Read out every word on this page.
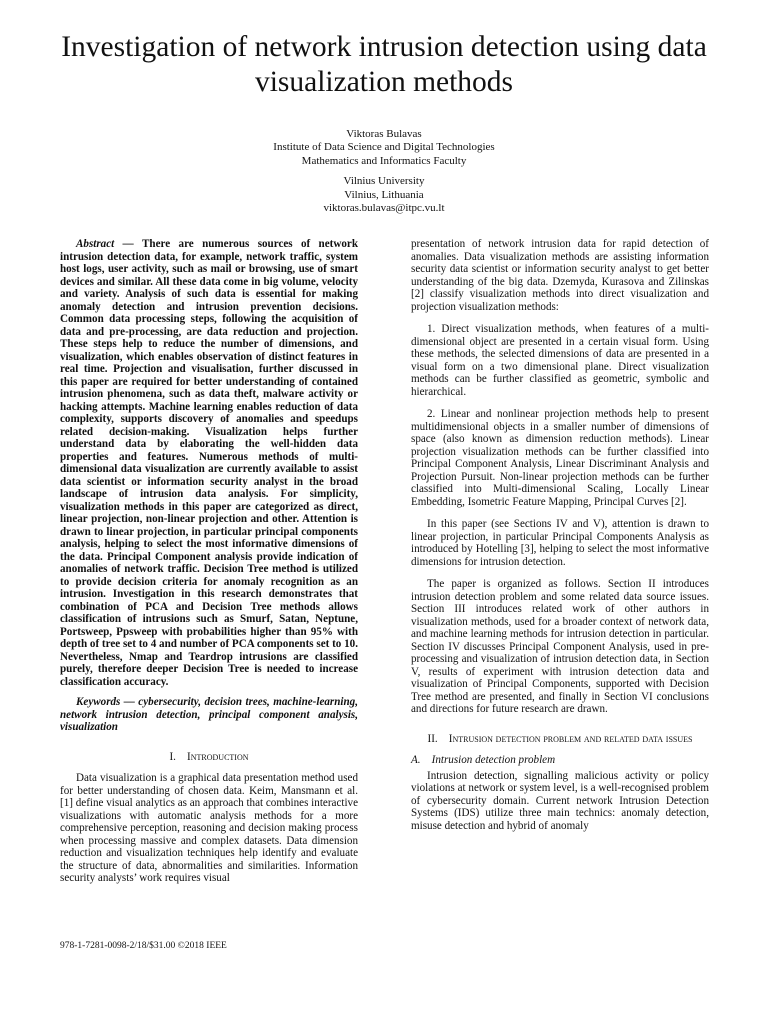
Investigation of network intrusion detection using data visualization methods
Viktoras Bulavas
Institute of Data Science and Digital Technologies
Mathematics and Informatics Faculty
Vilnius University
Vilnius, Lithuania
viktoras.bulavas@itpc.vu.lt

Abstract — There are numerous sources of network intrusion detection data, for example, network traffic, system host logs, user activity, such as mail or browsing, use of smart devices and similar. All these data come in big volume, velocity and variety. Analysis of such data is essential for making anomaly detection and intrusion prevention decisions. Common data processing steps, following the acquisition of data and pre-processing, are data reduction and projection. These steps help to reduce the number of dimensions, and visualization, which enables observation of distinct features in real time. Projection and visualisation, further discussed in this paper are required for better understanding of contained intrusion phenomena, such as data theft, malware activity or hacking attempts. Machine learning enables reduction of data complexity, supports discovery of anomalies and speedups related decision-making. Visualization helps further understand data by elaborating the well-hidden data properties and features. Numerous methods of multi-dimensional data visualization are currently available to assist data scientist or information security analyst in the broad landscape of intrusion data analysis. For simplicity, visualization methods in this paper are categorized as direct, linear projection, non-linear projection and other. Attention is drawn to linear projection, in particular principal components analysis, helping to select the most informative dimensions of the data. Principal Component analysis provide indication of anomalies of network traffic. Decision Tree method is utilized to provide decision criteria for anomaly recognition as an intrusion. Investigation in this research demonstrates that combination of PCA and Decision Tree methods allows classification of intrusions such as Smurf, Satan, Neptune, Portsweep, Ppsweep with probabilities higher than 95% with depth of tree set to 4 and number of PCA components set to 10. Nevertheless, Nmap and Teardrop intrusions are classified purely, therefore deeper Decision Tree is needed to increase classification accuracy.

Keywords — cybersecurity, decision trees, machine-learning, network intrusion detection, principal component analysis, visualization

I. Introduction

Data visualization is a graphical data presentation method used for better understanding of chosen data. Keim, Mansmann et al. [1] define visual analytics as an approach that combines interactive visualizations with automatic analysis methods for a more comprehensive perception, reasoning and decision making process when processing massive and complex datasets. Data dimension reduction and visualization techniques help identify and evaluate the structure of data, abnormalities and similarities. Information security analysts’ work requires visual

presentation of network intrusion data for rapid detection of anomalies. Data visualization methods are assisting information security data scientist or information security analyst to get better understanding of the big data. Dzemyda, Kurasova and Zilinskas [2] classify visualization methods into direct visualization and projection visualization methods:

1. Direct visualization methods, when features of a multi-dimensional object are presented in a certain visual form. Using these methods, the selected dimensions of data are presented in a visual form on a two dimensional plane. Direct visualization methods can be further classified as geometric, symbolic and hierarchical.

2. Linear and nonlinear projection methods help to present multidimensional objects in a smaller number of dimensions of space (also known as dimension reduction methods). Linear projection visualization methods can be further classified into Principal Component Analysis, Linear Discriminant Analysis and Projection Pursuit. Non-linear projection methods can be further classified into Multi-dimensional Scaling, Locally Linear Embedding, Isometric Feature Mapping, Principal Curves [2].

In this paper (see Sections IV and V), attention is drawn to linear projection, in particular Principal Components Analysis as introduced by Hotelling [3], helping to select the most informative dimensions for intrusion detection.

The paper is organized as follows. Section II introduces intrusion detection problem and some related data source issues. Section III introduces related work of other authors in visualization methods, used for a broader context of network data, and machine learning methods for intrusion detection in particular. Section IV discusses Principal Component Analysis, used in pre-processing and visualization of intrusion detection data, in Section V, results of experiment with intrusion detection data and visualization of Principal Components, supported with Decision Tree method are presented, and finally in Section VI conclusions and directions for future research are drawn.

II. Intrusion detection problem and related data issues

A. Intrusion detection problem

Intrusion detection, signalling malicious activity or policy violations at network or system level, is a well-recognised problem of cybersecurity domain. Current network Intrusion Detection Systems (IDS) utilize three main technics: anomaly detection, misuse detection and hybrid of anomaly

978-1-7281-0098-2/18/$31.00 ©2018 IEEE
